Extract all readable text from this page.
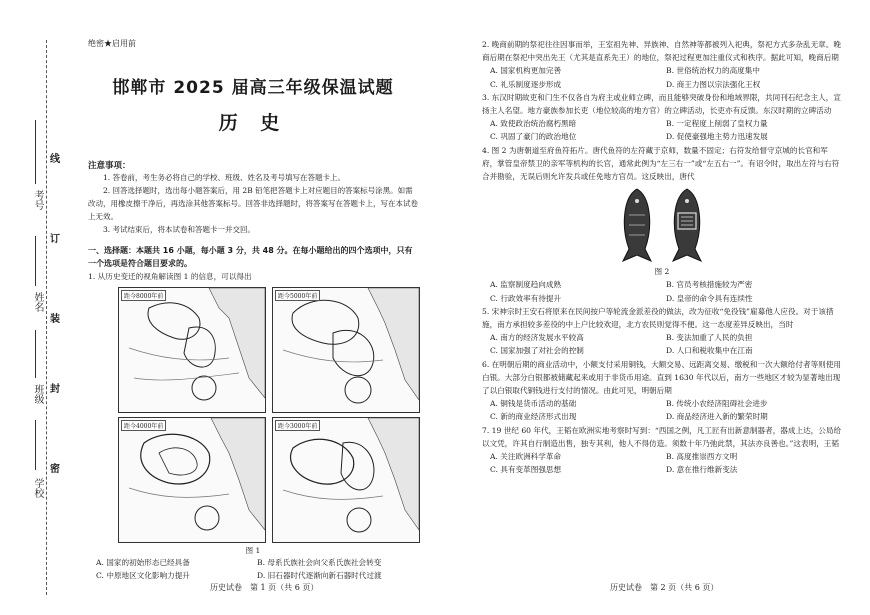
学校
班级
姓名
考号
线
订
装
封
密
绝密★启用前
邯郸市 2025 届高三年级保温试题
历 史
注意事项：
1. 答卷前，考生务必将自己的学校、班级、姓名及考号填写在答题卡上。
2. 回答选择题时，选出每小题答案后，用 2B 铅笔把答题卡上对应题目的答案标号涂黑。如需改动，用橡皮擦干净后，再选涂其他答案标号。回答非选择题时，将答案写在答题卡上，写在本试卷上无效。
3. 考试结束后，将本试卷和答题卡一并交回。
一、选择题：本题共 16 小题，每小题 3 分，共 48 分。在每小题给出的四个选项中，只有一个选项是符合题目要求的。
1. 从历史变迁的视角解读图 1 的信息，可以得出
距今8000年前	距今5000年前
距今4000年前	距今3000年前
图 1
A. 国家的初始形态已经具备	B. 母系氏族社会向父系氏族社会转变
C. 中原地区文化影响力提升	D. 旧石器时代逐渐向新石器时代过渡
2. 晚商前期的祭祀往往因事而举，王室祖先神、异族神、自然神等都被列入祀典，祭祀方式多杂乱无章。晚商后期在祭祀中突出先王（尤其是直系先王）的地位，祭祀过程更加注重仪式和秩序。据此可知，晚商后期
A. 国家机构更加完善	B. 世俗统治权力的高度集中
C. 礼乐制度逐步形成	D. 商王力图以宗法强化王权
3. 东汉时期故吏和门生不仅各自为府主或业师立碑，而且能够突破身份和地域界限，共同刊石纪念主人，宣扬主人名望。地方豪族参加长吏（地位较高的地方官）的立碑活动，长吏亦有反馈。东汉时期的立碑活动
A. 致使政治统治腐朽黑暗	B. 一定程度上削弱了皇权力量
C. 巩固了豪门的政治地位	D. 促使豪强地主势力迅速发展
4. 图 2 为唐朝道至府鱼符拓片。唐代鱼符的左符藏于京师，数量不固定；右符发给督守京城的长官和军府，掌管皇帝禁卫的亲军等机构的长官，通常此例为“左三右一”或“左五右一”。有诏令时，取出左符与右符合并勘验，无误后则允许发兵或任免地方官员。这反映出，唐代
图 2
A. 监察制度趋向成熟	B. 官员考核措施较为严密
C. 行政效率有待提升	D. 皇帝的命令具有连续性
5. 宋神宗时王安石将原来在民间按户等轮流金派差役的做法，改为征收“免役钱”雇募他人应役。对于该措施，南方承担较多差役的中上户比较欢迎，北方农民则觉得不便。这一态度差异反映出，当时
A. 南方的经济发展水平较高	B. 变法加重了人民的负担
C. 国家加强了对社会的控制	D. 人口和税收集中在江南
6. 在明朝后期的商业活动中，小额支付采用铜钱，大额交易、远距离交易、缴税和一次大额给付者等则使用白银。大部分白银都被储藏起来或用于非货币用途。直到 1630 年代以后，南方一些地区才较为显著地出现了以白银取代铜钱进行支付的情况。由此可见，明朝后期
A. 铜钱是货币活动的基础	B. 传统小农经济阻碍社会进步
C. 新的商业经济形式出现	D. 商品经济进入新的繁荣时期
7. 19 世纪 60 年代，王韬在欧洲实地考察时写到：“西国之例，凡工匠有出新意制器者，器成上达，公局给以文凭，许其自行制造出售，独专其利，他人不得仿造。须数十年乃弛此禁，其法亦良善也。”这表明，王韬
A. 关注欧洲科学革命	B. 高度推崇西方文明
C. 具有变革图强思想	D. 意在推行维新变法
历史试卷　第 1 页（共 6 页）	历史试卷　第 2 页（共 6 页）
